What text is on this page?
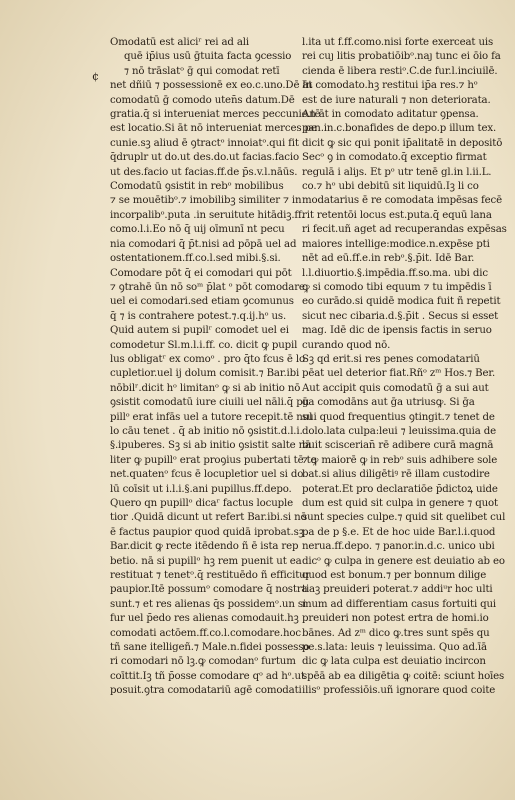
¢
Omodatū est aliciʳ rei ad ali
quē ip̄ius usū ḡtuita facta ꝯcessio
⁊ nō trāslatᵒ ḡ qui comodat retī
net dñiū ⁊ possessionē ex eo.c.uno.Dē āt
comodatū ḡ comodo uten̄s datum.Dē
gratia.q̄ si interueniat merces peccunie.tē
est locatio.Si āt nō interueniat merces pe
cunie.sꝫ aliud ē ꝯtractᵒ innoiatᵒ.qui fit
q̄druplr ut do.ut des.do.ut facias.facio
ut des.facio ut facias.ff.de p̄s.v.l.nāūs.
Comodatū ꝯsistit in rebᵒ mobilibus
⁊ se mouētibᵒ.⁊ imobilibꝫ similiter ⁊ in
incorpalibᵒ.puta .in seruitute hitādiꝫ.ff.
como.l.i.Eo nō q̄ uij oīmunī nt pecu
nia comodari q̄ p̄t.nisi ad pōpā uel ad
ostentationem.ff.co.l.sed mibi.§.si.
Comodare pōt q̄ ei comodari qui pōt
⁊ ꝯtrahē ūn nō soᵐ p̄lat ᵒ pōt comodare
uel ei comodari.sed etiam ꝯcomunus
q̄ ⁊ is contrahere potest.⁊.q.ij.hᵒ us.
Quid autem si pupilʳ comodet uel ei
comodetur Sl.m.l.i.ff. co. dicit ꝙ pupil
lus obligatʳ ex comoᵒ . pro q̄to fcus ē lo
cupletior.uel ij dolum comisit.⁊ Bar.ibi
nōbilʳ.dicit hᵒ limitanᵒ ꝙ si ab initio nō
ꝯsistit comodatū iure ciuili uel nāli.q̄ pu
pillᵒ erat infās uel a tutore recepit.tē nul
lo cāu tenet . q̄ ab initio nō ꝯsistit.d.l.i.
§.ipuberes. Sꝫ si ab initio ꝯsistit salte nā
liter ꝙ pupillᵒ erat proꝯius pubertati tē te
net.quatenᵒ fcus ē locupletior uel si do
lū coīsit ut i.l.i.§.ani pupillus.ff.depo.
Quero qn pupillᵒ dicaʳ factus locuple
tior .Quidā dicunt ut refert Bar.ibi.si nō
ē factus paupior quod quidā iprobat.sꝫ
Bar.dicit ꝙ recte itēdendo ñ ē ista rep
betio. nā si pupillᵒ hꝫ rem puenit ut ea
restituat ⁊ tenetᵒ.q̄ restituēdo ñ efficitur
paupior.Itē possumᵒ comodare q̄ nostra
sunt.⁊ et res alienas q̄s possidemᵒ.un si
fur uel p̄edo res alienas comodauit.hꝫ
comodati actōem.ff.co.l.comodare.hoc
tñ sane itelligeñ.⁊ Male.n.fidei possesso
ri comodari nō lꝫ.ꝙ comodanᵒ furtum
coīttit.Iꝫ tñ p̄osse comodare qᵒ ad hᵒ.ut
posuit.ꝯtra comodatariū agē comodati
l.ita ut f.ff.como.nisi forte exerceat uis
rei cuȷ litis probatiōibᵒ.naȷ tunc ei ōio fa
cienda ē libera restiᵒ.C.de fur.l.inciuilē.
In comodato.hꝫ restitui ip̄a res.⁊ hᵒ
est de iure naturali ⁊ non deteriorata.
An āt in comodato aditatur ꝯpensa.
pan.in.c.bonafides de depo.p illum tex.
dicit ꝙ sic qui ponit ip̄alitatē in depositō
Secᵒ ꝯ in comodato.q̄ exceptio firmat
regulā i aliȷs. Et pᵒ utr tenē gl.in l.ii.L.
co.⁊ hᵒ ubi debitū sit liquidū.Iꝫ li co
modatarius ē re comodata impēsas fecē
rit retentōi locus est.puta.q̄ equū lana
ri fecit.uñ aget ad recuperandas expēsas
maiores intellige:modice.n.expēse pti
nēt ad eū.ff.e.in rebᵒ.§.p̄it. Idē Bar.
l.l.diuortio.§.impēdia.ff.so.ma. ubi dic
ꝙ si comodo tibi equum ⁊ tu impēdis ī
eo curādo.si quidē modica fuit ñ repetit
sicut nec cibaria.d.§.p̄it . Secus si esset
mag. Idē dic de ipensis factis in seruo
curando quod nō.
Sꝫ qd erit.si res penes comodatariū
pēat uel deterior fiat.Rñᵒ zᵐ Hos.⁊ Ber.
Aut accipit quis comodatū ḡ a sui aut
ḡa comodāns aut ḡa utriusꝙ. Si ḡa
sui quod frequentius ꝯtingit.⁊ tenet de
dolo.lata culpa:leui ⁊ leuissima.quia de
buit sciscerian̄ rē adibere curā magnā
⁊ ꝙ maiorē ꝙ in rebᵒ suis adhibere sole
bat.si alius diligētiꝰ rē illam custodire
poterat.Et pro declaratiōe p̄dictoꝝ uide
dum est quid sit culpa in genere ⁊ quot
sunt species culpe.⁊ quid sit quelibet cul
pa de p §.e. Et de hoc uide Bar.l.i.quod
nerua.ff.depo. ⁊ panor.in.d.c. unico ubi
dicᵒ ꝙ culpa in genere est deuiatio ab eo
quod est bonum.⁊ per bonnum dilige
tiaꝫ preuideri poterat.⁊ addiᵘr hoc ulti
mum ad differentiam casus fortuiti qui
preuideri non potest ertra de homi.io
bānes. Ad zᵐ dico ꝙ.tres sunt spēs qu
pe.s.lata: leuis ⁊ leuissima. Quo ad.īā
dic ꝙ lata culpa est deuiatio incircon
spēā ab ea diligētia ꝙ coitē: sciunt hoīes
ilisᵒ professiōis.uñ ignorare quod coite
